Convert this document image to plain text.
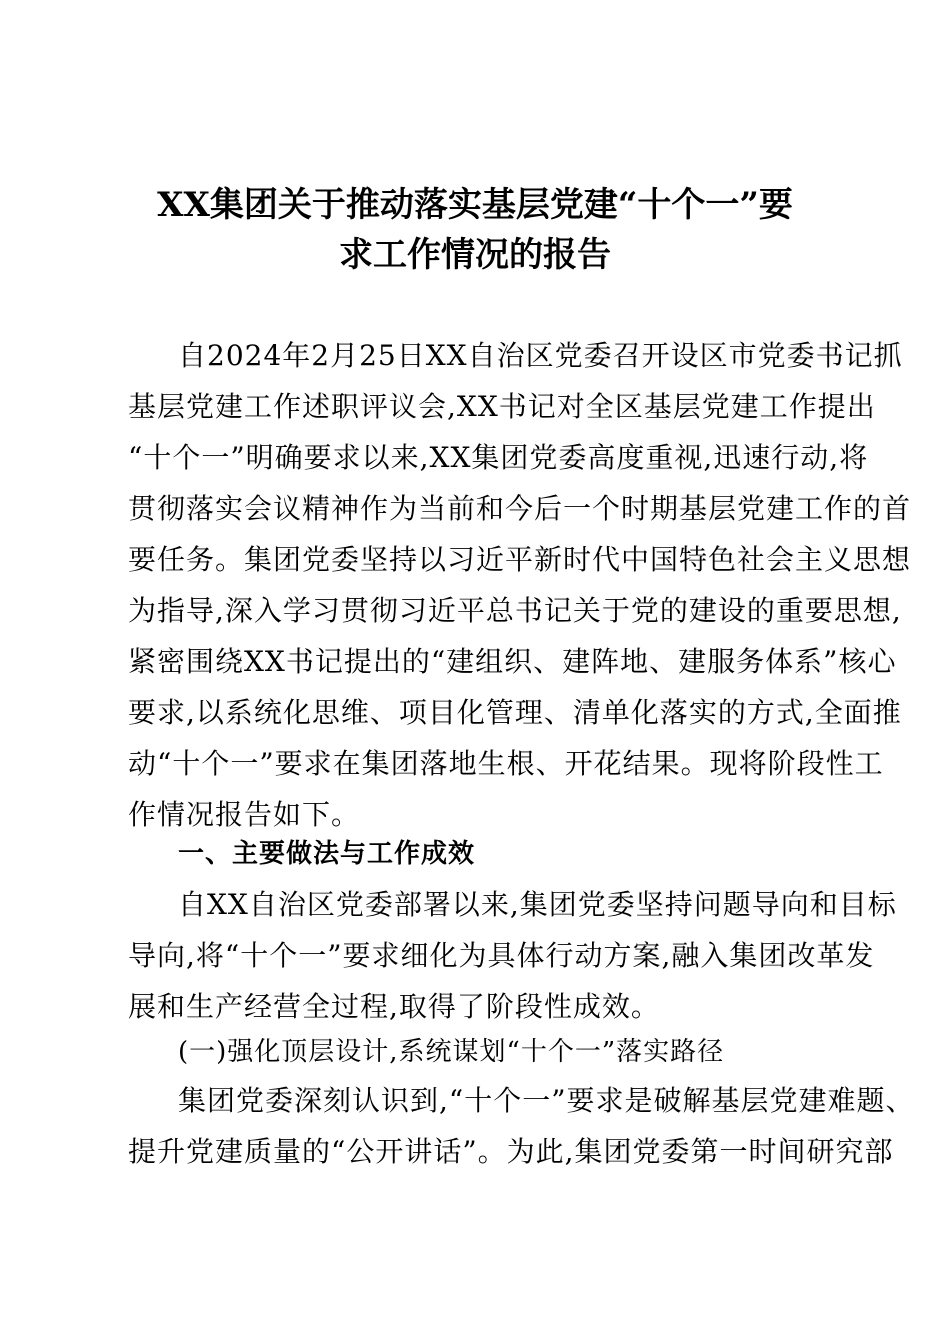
XX集团关于推动落实基层党建“十个一”要
求工作情况的报告
自2024年2月25日XX自治区党委召开设区市党委书记抓
基层党建工作述职评议会,XX书记对全区基层党建工作提出
“十个一”明确要求以来,XX集团党委高度重视,迅速行动,将
贯彻落实会议精神作为当前和今后一个时期基层党建工作的首
要任务。集团党委坚持以习近平新时代中国特色社会主义思想
为指导,深入学习贯彻习近平总书记关于党的建设的重要思想,
紧密围绕XX书记提出的“建组织、建阵地、建服务体系”核心
要求,以系统化思维、项目化管理、清单化落实的方式,全面推
动“十个一”要求在集团落地生根、开花结果。现将阶段性工
作情况报告如下。
一、主要做法与工作成效
自XX自治区党委部署以来,集团党委坚持问题导向和目标
导向,将“十个一”要求细化为具体行动方案,融入集团改革发
展和生产经营全过程,取得了阶段性成效。
(一)强化顶层设计,系统谋划“十个一”落实路径
集团党委深刻认识到,“十个一”要求是破解基层党建难题、
提升党建质量的“公开讲话”。为此,集团党委第一时间研究部
